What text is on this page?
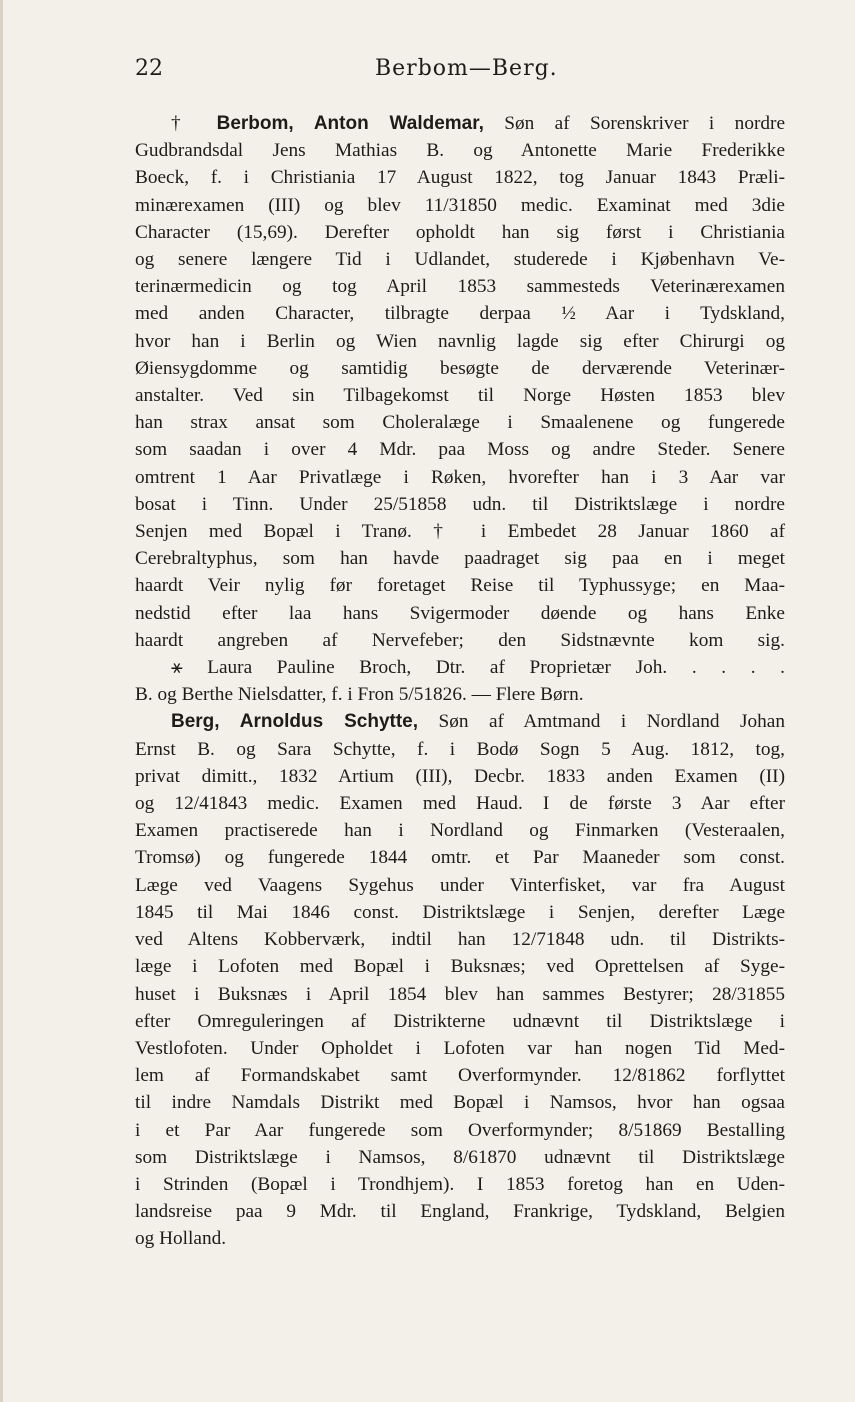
22	Berbom—Berg.
† Berbom, Anton Waldemar, Søn af Sorenskriver i nordre
Gudbrandsdal Jens Mathias B. og Antonette Marie Frederikke
Boeck, f. i Christiania 17 August 1822, tog Januar 1843 Præli-
minærexamen (III) og blev 11/31850 medic. Examinat med 3die
Character (15,69). Derefter opholdt han sig først i Christiania
og senere længere Tid i Udlandet, studerede i Kjøbenhavn Ve-
terinærmedicin og tog April 1853 sammesteds Veterinærexamen
med anden Character, tilbragte derpaa ½ Aar i Tydskland,
hvor han i Berlin og Wien navnlig lagde sig efter Chirurgi og
Øiensygdomme og samtidig besøgte de derværende Veterinær-
anstalter. Ved sin Tilbagekomst til Norge Høsten 1853 blev
han strax ansat som Choleralæge i Smaalenene og fungerede
som saadan i over 4 Mdr. paa Moss og andre Steder. Senere
omtrent 1 Aar Privatlæge i Røken, hvorefter han i 3 Aar var
bosat i Tinn. Under 25/51858 udn. til Distriktslæge i nordre
Senjen med Bopæl i Tranø. † i Embedet 28 Januar 1860 af
Cerebraltyphus, som han havde paadraget sig paa en i meget
haardt Veir nylig før foretaget Reise til Typhussyge; en Maa-
nedstid efter laa hans Svigermoder døende og hans Enke
haardt angreben af Nervefeber; den Sidstnævnte kom sig.
⚹ Laura Pauline Broch, Dtr. af Proprietær Joh. . . . .
B. og Berthe Nielsdatter, f. i Fron 5/51826. — Flere Børn.
Berg, Arnoldus Schytte, Søn af Amtmand i Nordland Johan
Ernst B. og Sara Schytte, f. i Bodø Sogn 5 Aug. 1812, tog,
privat dimitt., 1832 Artium (III), Decbr. 1833 anden Examen (II)
og 12/41843 medic. Examen med Haud. I de første 3 Aar efter
Examen practiserede han i Nordland og Finmarken (Vesteraalen,
Tromsø) og fungerede 1844 omtr. et Par Maaneder som const.
Læge ved Vaagens Sygehus under Vinterfisket, var fra August
1845 til Mai 1846 const. Distriktslæge i Senjen, derefter Læge
ved Altens Kobberværk, indtil han 12/71848 udn. til Distrikts-
læge i Lofoten med Bopæl i Buksnæs; ved Oprettelsen af Syge-
huset i Buksnæs i April 1854 blev han sammes Bestyrer; 28/31855
efter Omreguleringen af Distrikterne udnævnt til Distriktslæge i
Vestlofoten. Under Opholdet i Lofoten var han nogen Tid Med-
lem af Formandskabet samt Overformynder. 12/81862 forflyttet
til indre Namdals Distrikt med Bopæl i Namsos, hvor han ogsaa
i et Par Aar fungerede som Overformynder; 8/51869 Bestalling
som Distriktslæge i Namsos, 8/61870 udnævnt til Distriktslæge
i Strinden (Bopæl i Trondhjem). I 1853 foretog han en Uden-
landsreise paa 9 Mdr. til England, Frankrige, Tydskland, Belgien
og Holland.
